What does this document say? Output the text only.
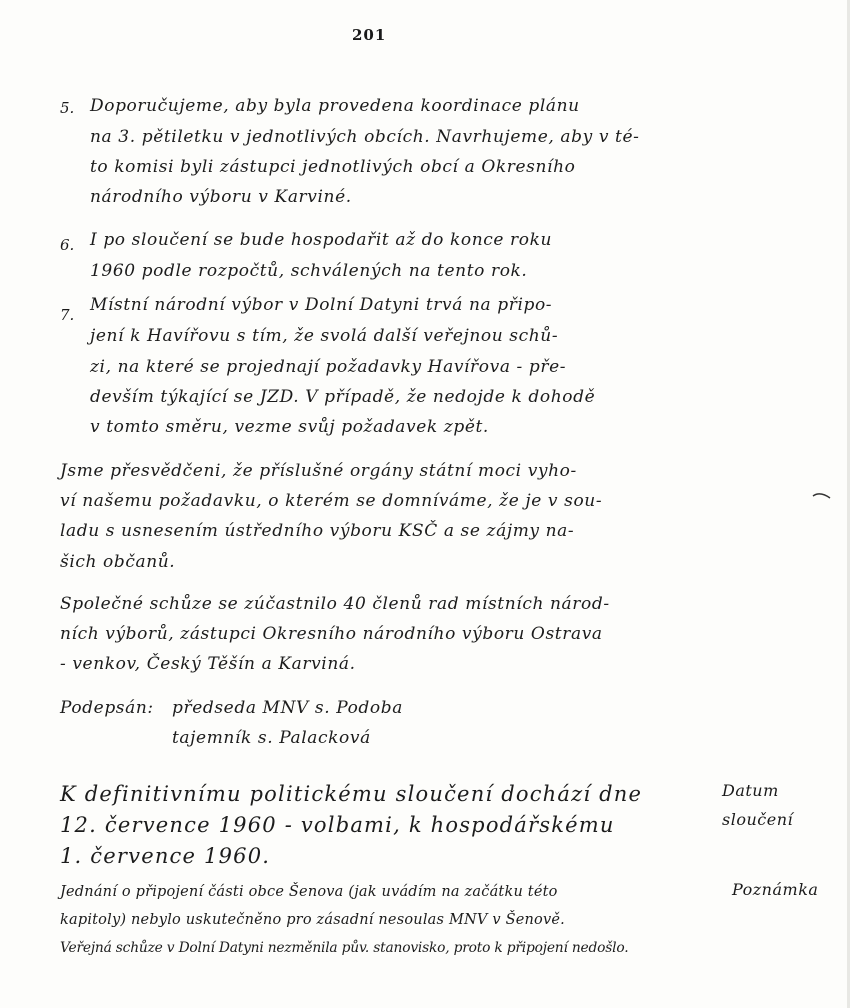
201
5. Doporučujeme, aby byla provedena koordinace plánu
na 3. pětiletku v jednotlivých obcích. Navrhujeme, aby v té-
to komisi byli zástupci jednotlivých obcí a Okresního
národního výboru v Karviné.
6. I po sloučení se bude hospodařit až do konce roku
1960 podle rozpočtů, schválených na tento rok.
7. Místní národní výbor v Dolní Datyni trvá na připo-
jení k Havířovu s tím, že svolá další veřejnou schů-
zi, na které se projednají požadavky Havířova - pře-
devším týkající se JZD. V případě, že nedojde k dohodě
v tomto směru, vezme svůj požadavek zpět.
Jsme přesvědčeni, že příslušné orgány státní moci vyho-
ví našemu požadavku, o kterém se domníváme, že je v sou-
ladu s usnesením ústředního výboru KSČ a se zájmy na-
šich občanů.
Společné schůze se zúčastnilo 40 členů rad místních národ-
ních výborů, zástupci Okresního národního výboru Ostrava
- venkov, Český Těšín a Karviná.
Podepsán: předseda MNV s. Podoba
tajemník s. Palacková
K definitivnímu politickému sloučení dochází dne
12. července 1960 - volbami, k hospodářskému
1. července 1960.
Datum
sloučení
Jednání o připojení části obce Šenova (jak uvádím na začátku této
kapitoly) nebylo uskutečněno pro zásadní nesoulas MNV v Šenově.
Veřejná schůze v Dolní Datyni nezměnila pův. stanovisko, proto k připojení nedošlo.
Poznámka
